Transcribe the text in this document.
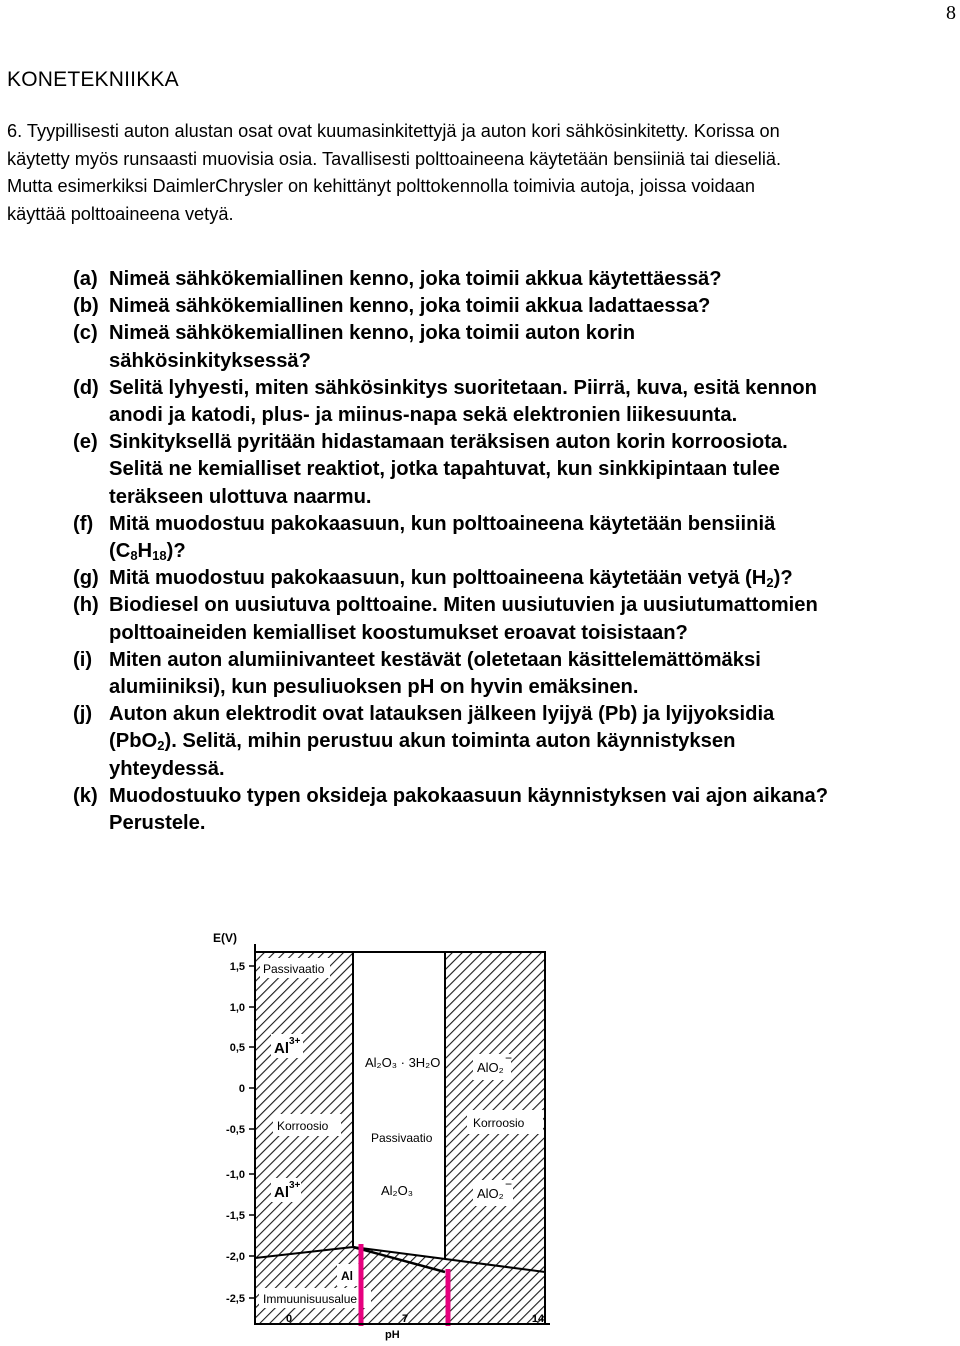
8
KONETEKNIIKKA
6. Tyypillisesti auton alustan osat ovat kuumasinkitettyjä ja auton kori sähkösinkitetty. Korissa on
käytetty myös runsaasti muovisia osia. Tavallisesti polttoaineena käytetään bensiiniä tai dieseliä.
Mutta esimerkiksi DaimlerChrysler on kehittänyt polttokennolla toimivia autoja, joissa voidaan
käyttää polttoaineena vetyä.
(a) Nimeä sähkökemiallinen kenno, joka toimii akkua käytettäessä?
(b) Nimeä sähkökemiallinen kenno, joka toimii akkua ladattaessa?
(c) Nimeä sähkökemiallinen kenno, joka toimii auton korin
sähkösinkityksessä?
(d) Selitä lyhyesti, miten sähkösinkitys suoritetaan. Piirrä, kuva, esitä kennon
anodi ja katodi, plus- ja miinus-napa sekä elektronien liikesuunta.
(e) Sinkityksellä pyritään hidastamaan teräksisen auton korin korroosiota.
Selitä ne kemialliset reaktiot, jotka tapahtuvat, kun sinkkipintaan tulee
teräkseen ulottuva naarmu.
(f) Mitä muodostuu pakokaasuun, kun polttoaineena käytetään bensiiniä
$(C_8H_{18})$?
(g) Mitä muodostuu pakokaasuun, kun polttoaineena käytetään vetyä $(H_2)$?
(h) Biodiesel on uusiutuva polttoaine. Miten uusiutuvien ja uusiutumattomien
polttoaineiden kemialliset koostumukset eroavat toisistaan?
(i) Miten auton alumiinivanteet kestävät (oletetaan käsittelemättömäksi
alumiiniksi), kun pesuliuoksen pH on hyvin emäksinen.
(j) Auton akun elektrodit ovat latauksen jälkeen lyijyä (Pb) ja lyijyoksidia
(PbO$_2$). Selitä, mihin perustuu akun toiminta auton käynnistyksen
yhteydessä.
(k) Muodostuuko typen oksideja pakokaasuun käynnistyksen vai ajon aikana?
Perustele.
Passivaatio
Al 3+
Korroosio
Al 3+
Al₂O₃ · 3H₂O
Passivaatio
Al₂O₃
AlO₂
−
Korroosio
AlO₂
−
Al
Immuunisuusalue
E(V)
1,5
1,0
0,5
0
-0,5
-1,0
-1,5
-2,0
-2,5
0	7	14
pH
